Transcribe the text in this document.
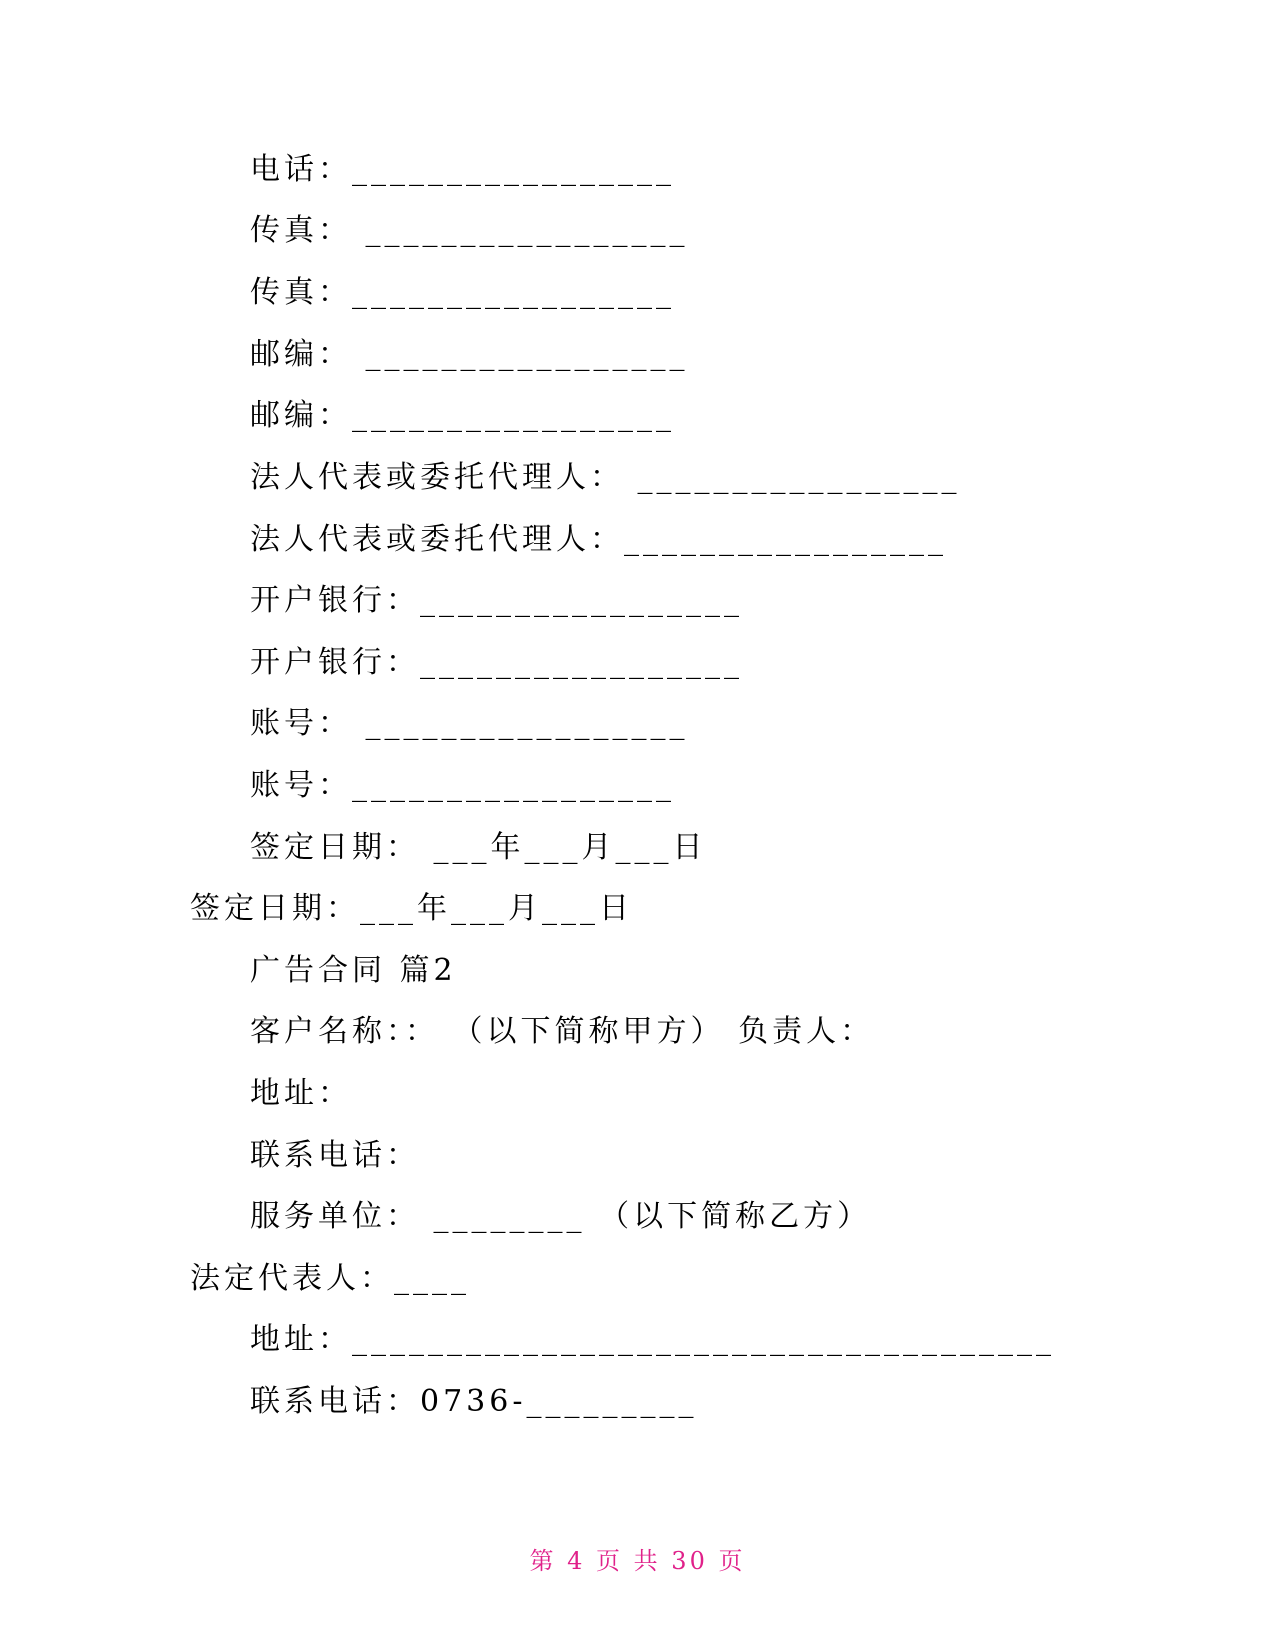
电话：_________________
传真： _________________
传真：_________________
邮编： _________________
邮编：_________________
法人代表或委托代理人： _________________
法人代表或委托代理人：_________________
开户银行：_________________
开户银行：_________________
账号： _________________
账号：_________________
签定日期： ___年___月___日
签定日期：___年___月___日
广告合同 篇2
客户名称：： （以下简称甲方） 负责人：
地址：
联系电话：
服务单位： ________ （以下简称乙方）
法定代表人：____
地址：_____________________________________
联系电话：0736-_________
第 4 页 共 30 页
